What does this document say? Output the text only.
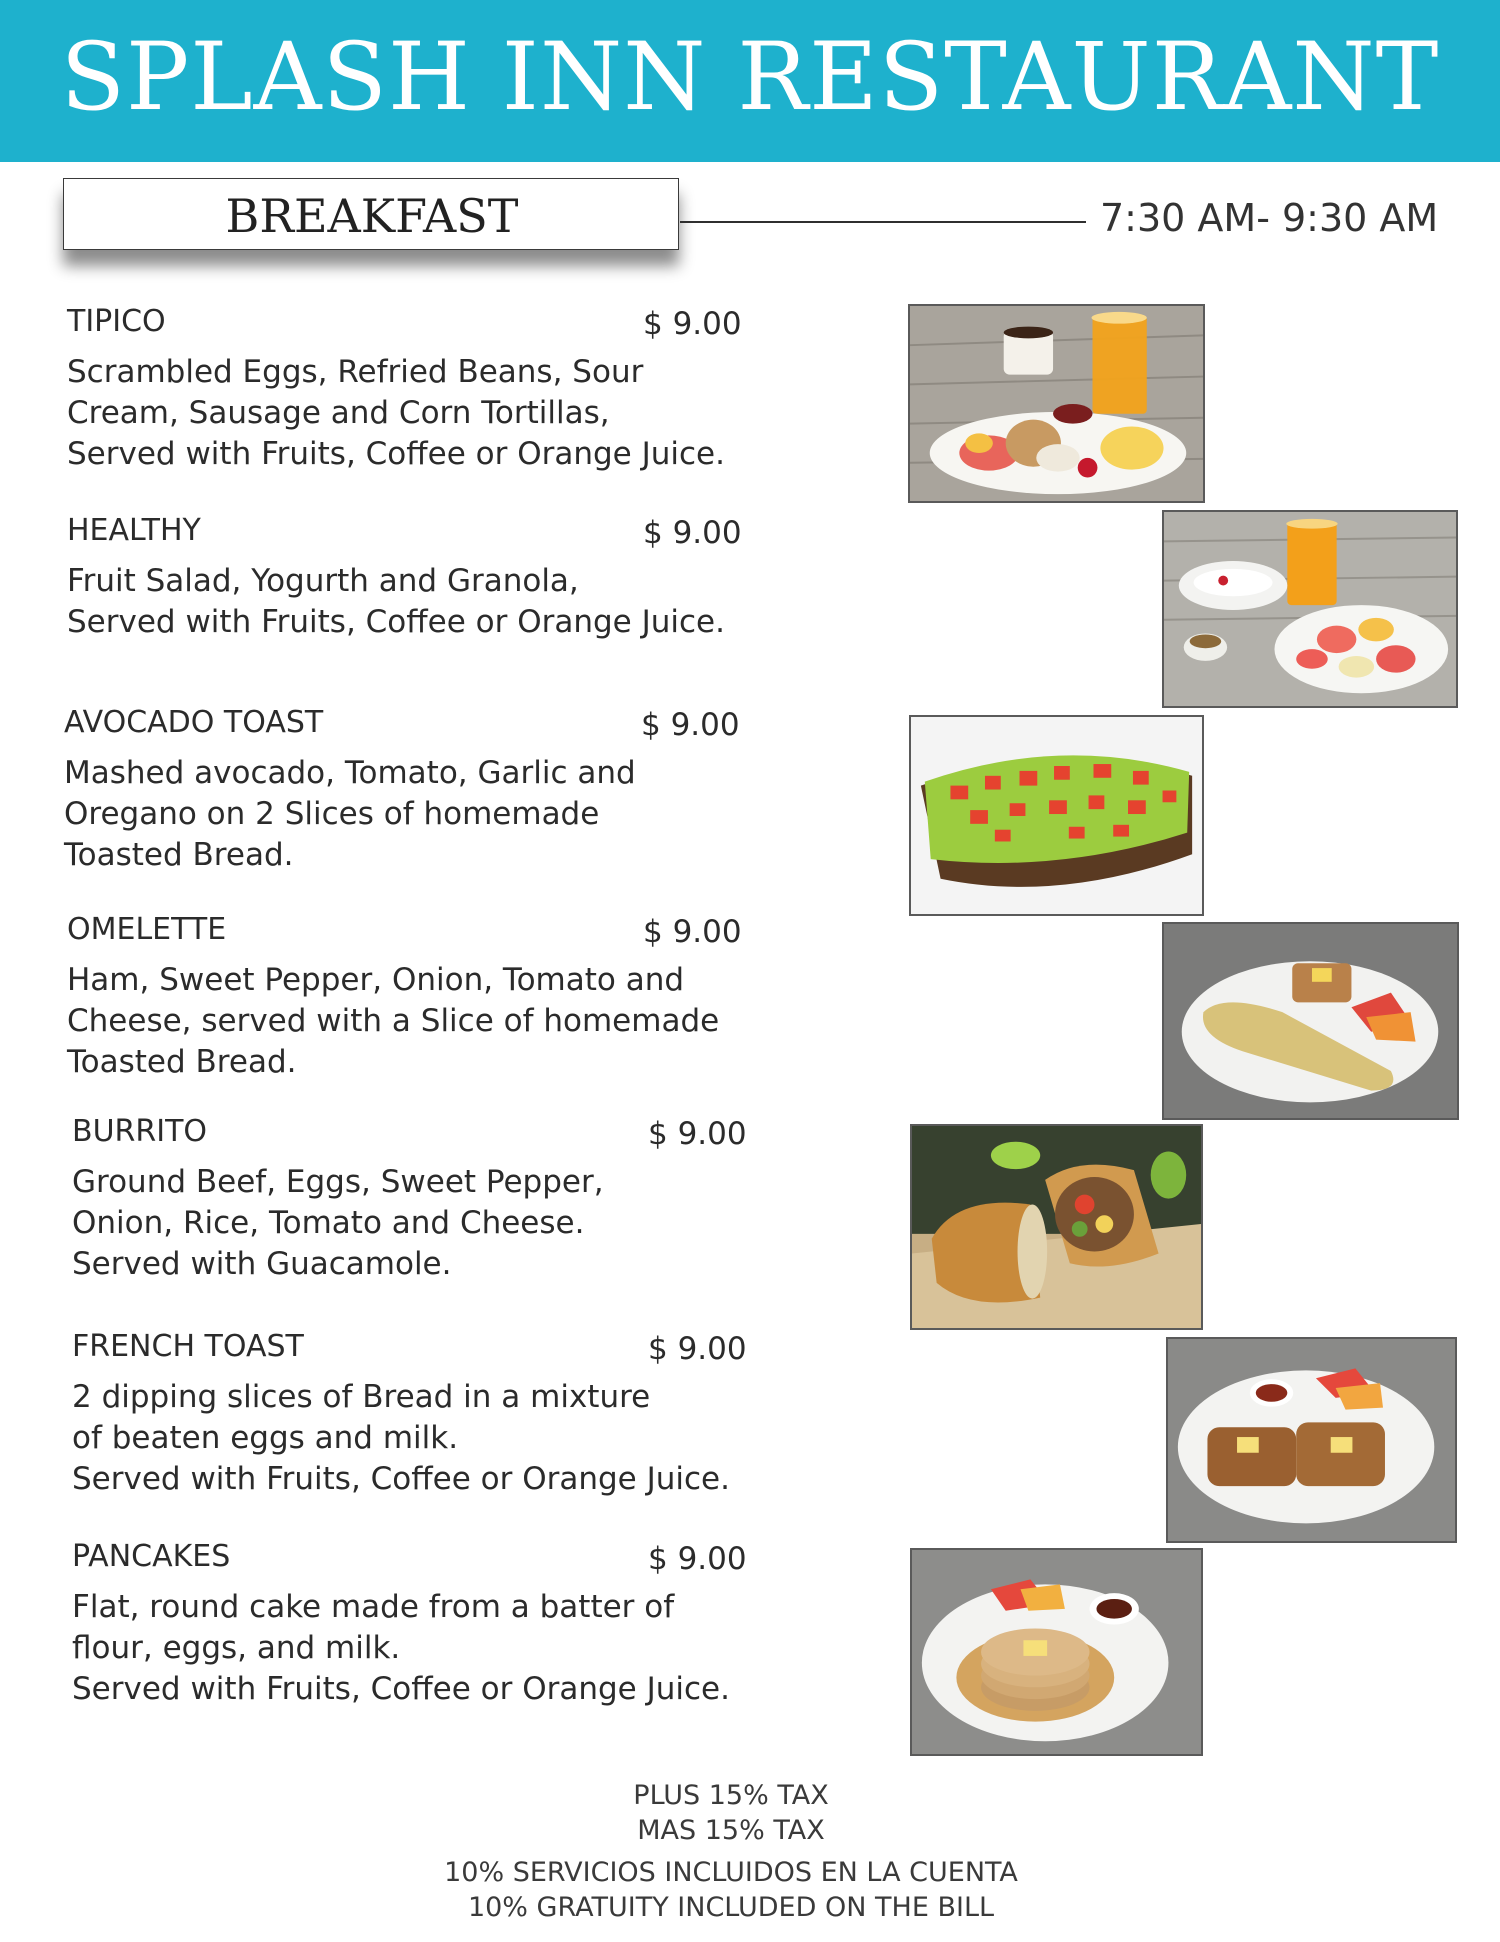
SPLASH INN RESTAURANT
BREAKFAST	7:30 AM- 9:30 AM
TIPICO	$ 9.00
Scrambled Eggs, Refried Beans, Sour
Cream, Sausage and Corn Tortillas,
Served with Fruits, Coffee or Orange Juice.
HEALTHY	$ 9.00
Fruit Salad, Yogurth and Granola,
Served with Fruits, Coffee or Orange Juice.
AVOCADO TOAST	$ 9.00
Mashed avocado, Tomato, Garlic and
Oregano on 2 Slices of homemade
Toasted Bread.
OMELETTE	$ 9.00
Ham, Sweet Pepper, Onion, Tomato and
Cheese, served with a Slice of homemade
Toasted Bread.
BURRITO	$ 9.00
Ground Beef, Eggs, Sweet Pepper,
Onion, Rice, Tomato and Cheese.
Served with Guacamole.
FRENCH TOAST	$ 9.00
2 dipping slices of Bread in a mixture
of beaten eggs and milk.
Served with Fruits, Coffee or Orange Juice.
PANCAKES	$ 9.00
Flat, round cake made from a batter of
flour, eggs, and milk.
Served with Fruits, Coffee or Orange Juice.
PLUS 15% TAX
MAS 15% TAX
10% SERVICIOS INCLUIDOS EN LA CUENTA
10% GRATUITY INCLUDED ON THE BILL
